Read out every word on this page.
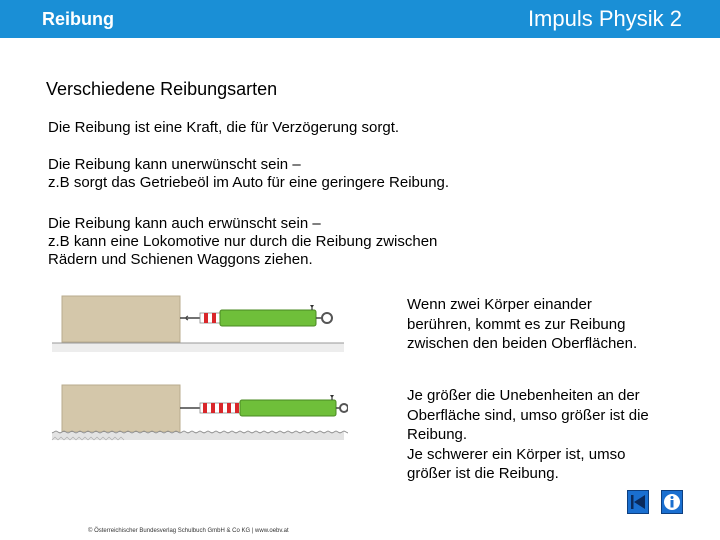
Reibung	Impuls Physik 2
Verschiedene Reibungsarten
Die Reibung ist eine Kraft, die für Verzögerung sorgt.
Die Reibung kann unerwünscht sein –
z.B sorgt das Getriebeöl im Auto für eine geringere Reibung.
Die Reibung kann auch erwünscht sein –
z.B kann eine Lokomotive nur durch die Reibung zwischen
Rädern und Schienen Waggons ziehen.
Wenn zwei Körper einander
berühren, kommt es zur Reibung
zwischen den beiden Oberflächen.
Je größer die Unebenheiten an der
Oberfläche sind, umso größer ist die
Reibung.
Je schwerer ein Körper ist, umso
größer ist die Reibung.
© Österreichischer Bundesverlag Schulbuch GmbH & Co KG | www.oebv.at
